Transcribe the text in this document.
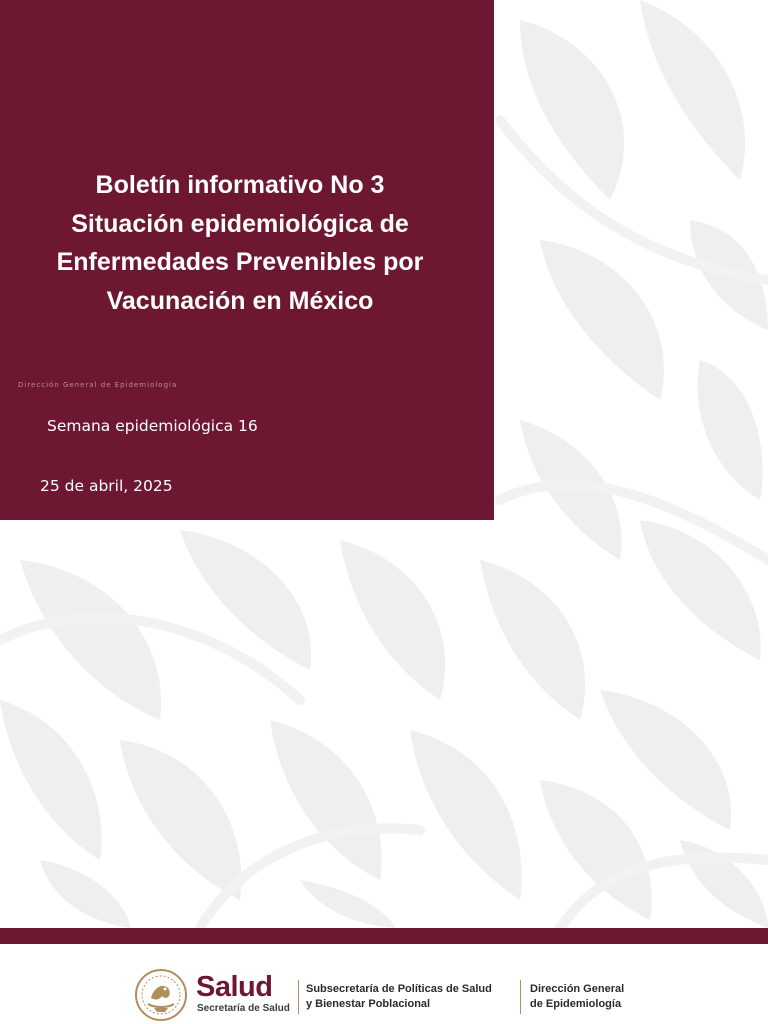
Boletín informativo No 3
Situación epidemiológica de
Enfermedades Prevenibles por
Vacunación en México
Dirección General de Epidemiología
Semana epidemiológica 16
25 de abril, 2025
Salud
Secretaría de Salud
Subsecretaría de Políticas de Salud
y Bienestar Poblacional
Dirección General
de Epidemiología
